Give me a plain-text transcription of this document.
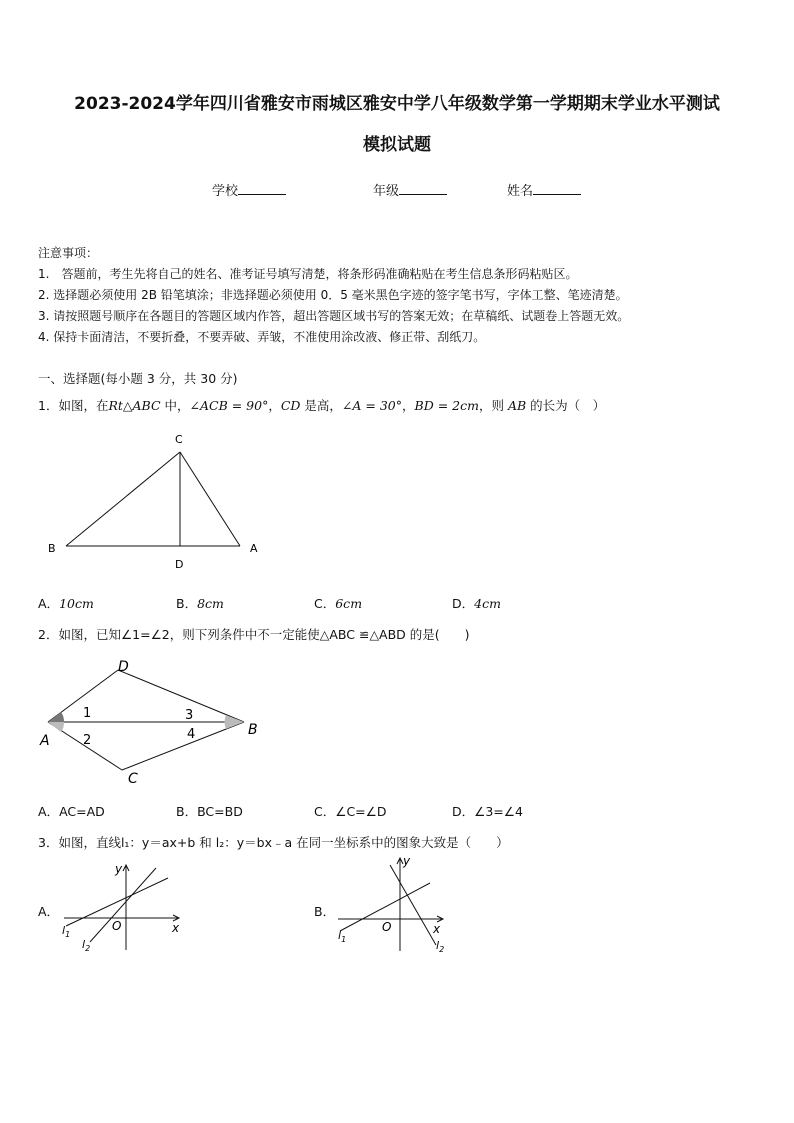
2023-2024学年四川省雅安市雨城区雅安中学八年级数学第一学期期末学业水平测试
模拟试题
学校	年级	姓名
注意事项：
1.　答题前，考生先将自己的姓名、准考证号填写清楚，将条形码准确粘贴在考生信息条形码粘贴区。
2. 选择题必须使用 2B 铅笔填涂；非选择题必须使用 0．5 毫米黑色字迹的签字笔书写，字体工整、笔迹清楚。
3. 请按照题号顺序在各题目的答题区域内作答，超出答题区域书写的答案无效；在草稿纸、试题卷上答题无效。
4. 保持卡面清洁，不要折叠，不要弄破、弄皱，不准使用涂改液、修正带、刮纸刀。
一、选择题(每小题 3 分，共 30 分)
1．如图，在Rt△ABC 中，∠ACB = 90°，CD 是高，∠A = 30°，BD = 2cm，则 AB 的长为（　）
C
B	A
D
A．10cm	B．8cm	C．6cm	D．4cm
2．如图，已知∠1=∠2，则下列条件中不一定能使△ABC ≌△ABD 的是(　　)
D
A
B
C
1
2
3
4
A．AC=AD	B．BC=BD	C．∠C=∠D	D．∠3=∠4
3．如图，直线l₁：y＝ax+b 和 l₂：y＝bx﹣a 在同一坐标系中的图象大致是（　　）
A．
y
x
O
$l_1$
$l_2$
B．
y
x
O
$l_1$	$l_2$
